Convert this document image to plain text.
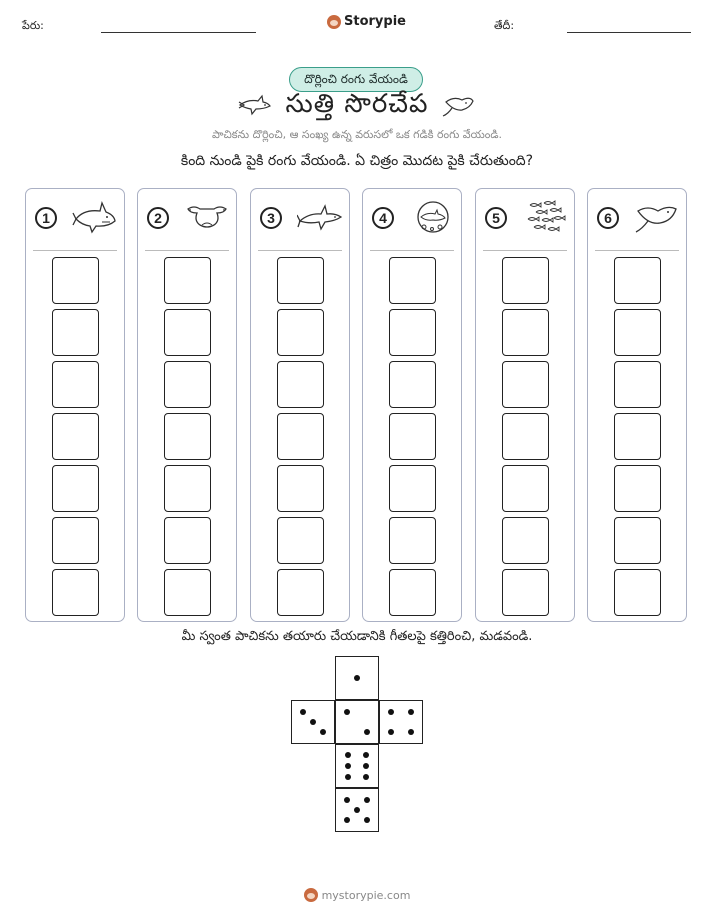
పేరు:	Storypie	తేదీ:
దొర్లించి రంగు వేయండి
సుత్తి సొరచేప
పాచికను దొర్లించి, ఆ సంఖ్య ఉన్న వరుసలో ఒక గడికి రంగు వేయండి.
కింది నుండి పైకి రంగు వేయండి. ఏ చిత్రం మొదట పైకి చేరుతుంది?
1	2	3	4	5	6
మీ స్వంత పాచికను తయారు చేయడానికి గీతలపై కత్తిరించి, మడవండి.
mystorypie.com
